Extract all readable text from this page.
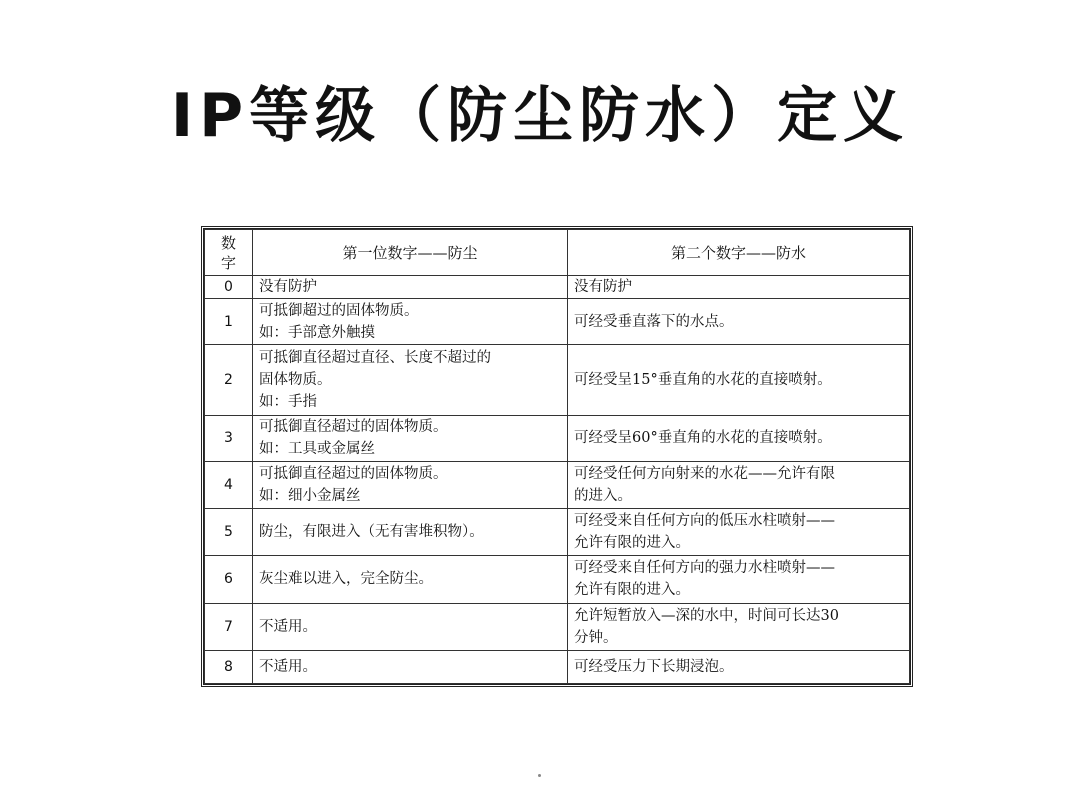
IP等级（防尘防水）定义
数
字	第一位数字——防尘	第二个数字——防水
0	没有防护	没有防护

1	可抵御超过的固体物质。
如：手部意外触摸	可经受垂直落下的水点。

2	可抵御直径超过直径、长度不超过的
固体物质。
如：手指	可经受呈15°垂直角的水花的直接喷射。

3	可抵御直径超过的固体物质。
如：工具或金属丝	可经受呈60°垂直角的水花的直接喷射。

4	可抵御直径超过的固体物质。
如：细小金属丝	可经受任何方向射来的水花——允许有限
的进入。

5	防尘，有限进入（无有害堆积物）。	可经受来自任何方向的低压水柱喷射——
允许有限的进入。

6	灰尘难以进入，完全防尘。	可经受来自任何方向的强力水柱喷射——
允许有限的进入。

7	不适用。	允许短暂放入—深的水中，时间可长达30
分钟。

8	不适用。	可经受压力下长期浸泡。
